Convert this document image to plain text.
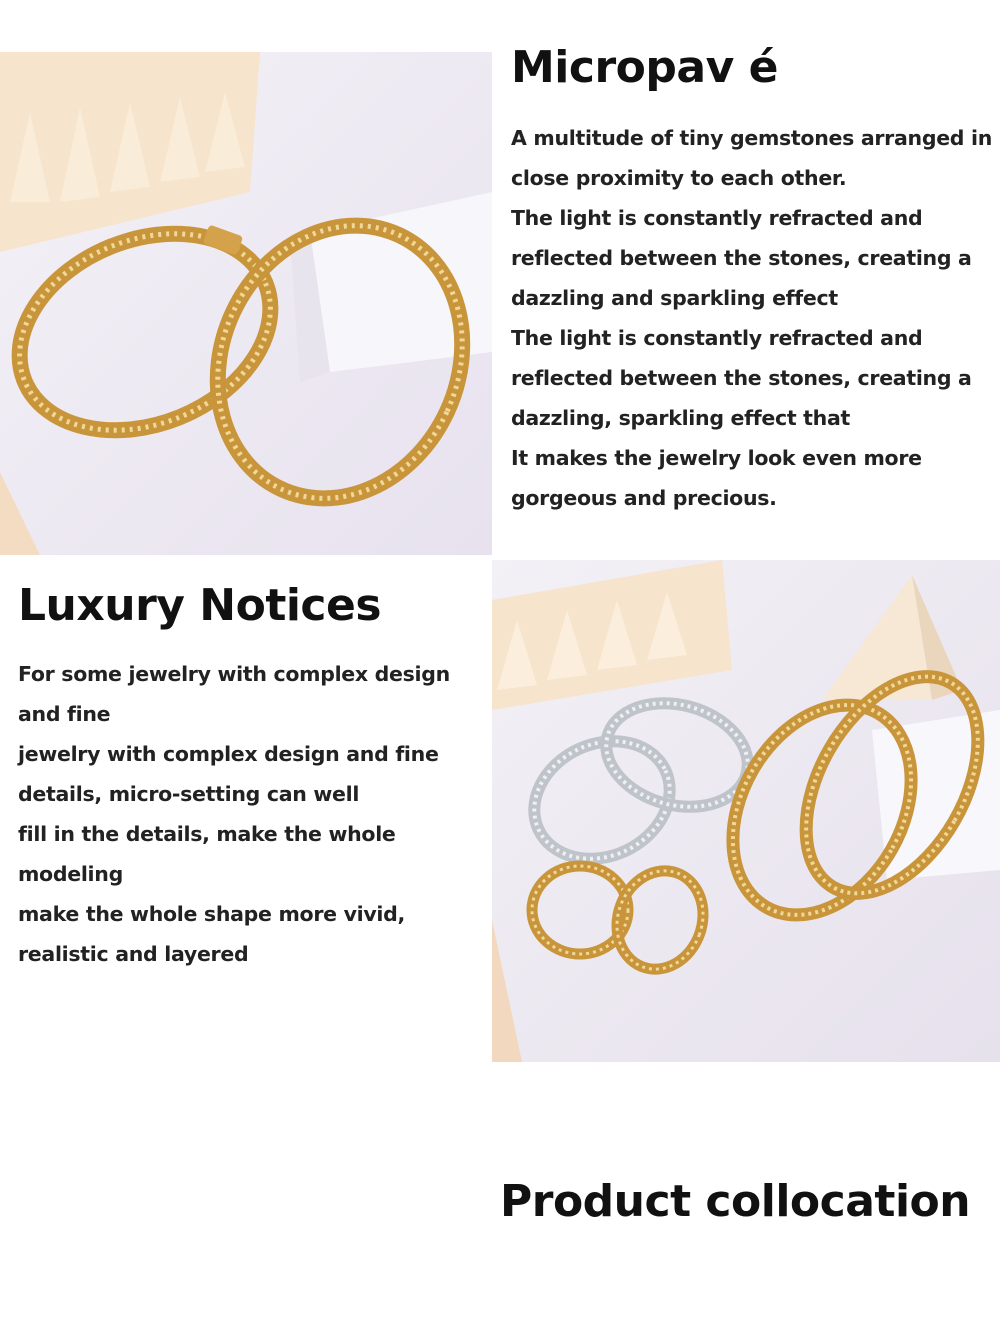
Micropav é
A multitude of tiny gemstones arranged in
close proximity to each other.
The light is constantly refracted and
reflected between the stones, creating a
dazzling and sparkling effect
The light is constantly refracted and
reflected between the stones, creating a
dazzling, sparkling effect that
It makes the jewelry look even more
gorgeous and precious.
Luxury Notices
For some jewelry with complex design
and fine
jewelry with complex design and fine
details, micro-setting can well
fill in the details, make the whole
modeling
make the whole shape more vivid,
realistic and layered
Product collocation
